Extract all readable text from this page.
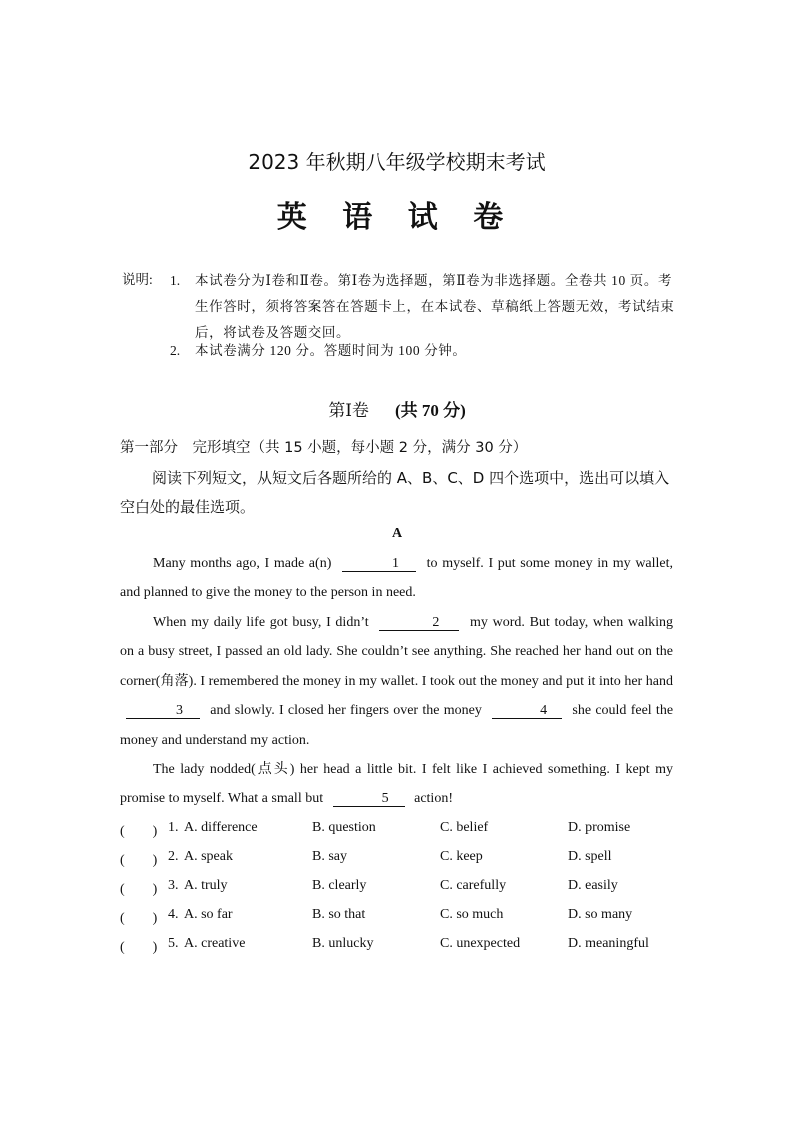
2023 年秋期八年级学校期末考试
英 语 试 卷
说明: 1. 本试卷分为Ⅰ卷和Ⅱ卷。第Ⅰ卷为选择题，第Ⅱ卷为非选择题。全卷共 10 页。考生作答时，须将答案答在答题卡上，在本试卷、草稿纸上答题无效，考试结束后，将试卷及答题交回。
2. 本试卷满分 120 分。答题时间为 100 分钟。
第Ⅰ卷 (共 70 分)
第一部分　完形填空（共 15 小题，每小题 2 分，满分 30 分）
阅读下列短文，从短文后各题所给的 A、B、C、D 四个选项中，选出可以填入空白处的最佳选项。
A
Many months ago, I made a(n)	1 to myself. I put some money in my wallet, and planned to give the money to the person in need.
When my daily life got busy, I didn’t	2 my word. But today, when walking on a busy street, I passed an old lady. She couldn’t see anything. She reached her hand out on the corner(角落). I remembered the money in my wallet. I took out the money and put it into her hand 3 and slowly. I closed her fingers over the money	4 she could feel the money and understand my action.
The lady nodded(点头) her head a little bit. I felt like I achieved something. I kept my promise to myself. What a small but	5 action!
(　　) 1. A. difference	B. question	C. belief	D. promise
(　　) 2. A. speak	B. say	C. keep	D. spell
(　　) 3. A. truly	B. clearly	C. carefully	D. easily
(　　) 4. A. so far	B. so that	C. so much	D. so many
(　　) 5. A. creative	B. unlucky	C. unexpected	D. meaningful
